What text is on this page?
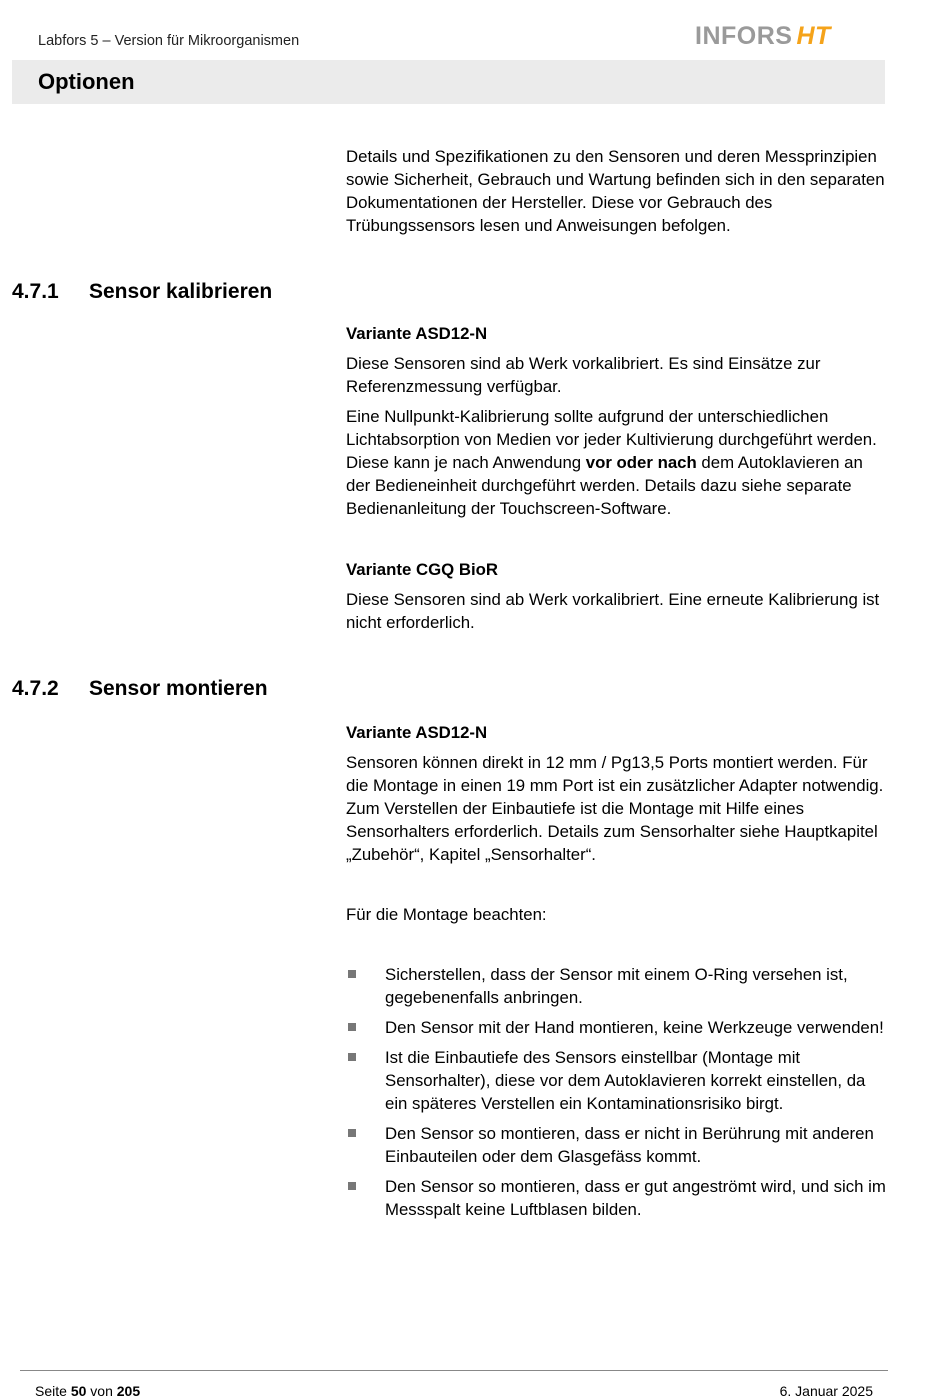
Labfors 5 – Version für Mikroorganismen	INFORS HT
Optionen

Details und Spezifikationen zu den Sensoren und deren Messprinzipien sowie Sicherheit, Gebrauch und Wartung befinden sich in den separaten Dokumentationen der Hersteller. Diese vor Gebrauch des Trübungssensors lesen und Anweisungen befolgen.

4.7.1 Sensor kalibrieren

Variante ASD12-N

Diese Sensoren sind ab Werk vorkalibriert. Es sind Einsätze zur Referenzmessung verfügbar.

Eine Nullpunkt-Kalibrierung sollte aufgrund der unterschiedlichen Lichtabsorption von Medien vor jeder Kultivierung durchgeführt werden. Diese kann je nach Anwendung vor oder nach dem Autoklavieren an der Bedieneinheit durchgeführt werden. Details dazu siehe separate Bedienanleitung der Touchscreen-Software.

Variante CGQ BioR

Diese Sensoren sind ab Werk vorkalibriert. Eine erneute Kalibrierung ist nicht erforderlich.

4.7.2 Sensor montieren

Variante ASD12-N

Sensoren können direkt in 12 mm / Pg13,5 Ports montiert werden. Für die Montage in einen 19 mm Port ist ein zusätzlicher Adapter notwendig. Zum Verstellen der Einbautiefe ist die Montage mit Hilfe eines Sensorhalters erforderlich. Details zum Sensorhalter siehe Hauptkapitel „Zubehör“, Kapitel „Sensorhalter“.

Für die Montage beachten:

Sicherstellen, dass der Sensor mit einem O-Ring versehen ist, gegebenenfalls anbringen.
Den Sensor mit der Hand montieren, keine Werkzeuge verwenden!
Ist die Einbautiefe des Sensors einstellbar (Montage mit Sensorhalter), diese vor dem Autoklavieren korrekt einstellen, da ein späteres Verstellen ein Kontaminationsrisiko birgt.
Den Sensor so montieren, dass er nicht in Berührung mit anderen Einbauteilen oder dem Glasgefäss kommt.
Den Sensor so montieren, dass er gut angeströmt wird, und sich im Messspalt keine Luftblasen bilden.
Seite 50 von 205	6. Januar 2025
